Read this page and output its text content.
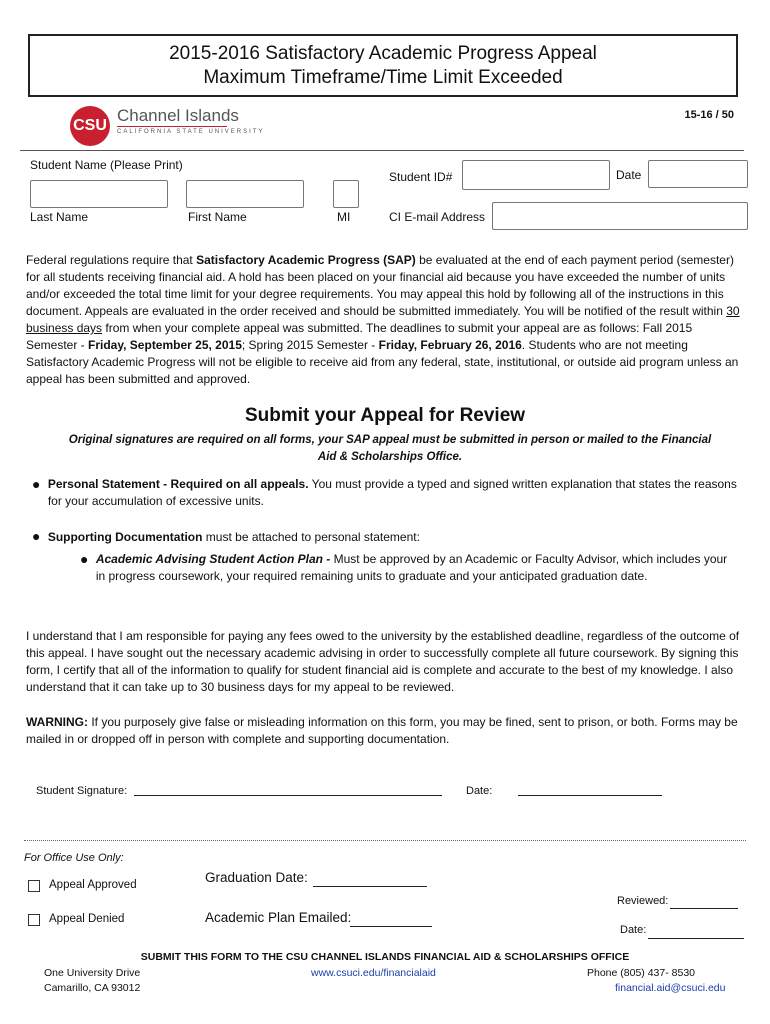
2015-2016 Satisfactory Academic Progress Appeal
Maximum Timeframe/Time Limit Exceeded
CSU
Channel Islands
CALIFORNIA STATE UNIVERSITY
15-16 / 50
Student Name (Please Print)
Last Name	First Name	MI
Student ID#	Date
CI E-mail Address
Federal regulations require that Satisfactory Academic Progress (SAP) be evaluated at the end of each payment period (semester) for all students receiving financial aid. A hold has been placed on your financial aid because you have exceeded the number of units and/or exceeded the total time limit for your degree requirements. You may appeal this hold by following all of the instructions in this document. Appeals are evaluated in the order received and should be submitted immediately. You will be notified of the result within 30 business days from when your complete appeal was submitted. The deadlines to submit your appeal are as follows: Fall 2015 Semester - Friday, September 25, 2015; Spring 2015 Semester - Friday, February 26, 2016. Students who are not meeting Satisfactory Academic Progress will not be eligible to receive aid from any federal, state, institutional, or outside aid program unless an appeal has been submitted and approved.
Submit your Appeal for Review
Original signatures are required on all forms, your SAP appeal must be submitted in person or mailed to the Financial Aid & Scholarships Office.
● Personal Statement - Required on all appeals. You must provide a typed and signed written explanation that states the reasons for your accumulation of excessive units.
● Supporting Documentation must be attached to personal statement:
● Academic Advising Student Action Plan - Must be approved by an Academic or Faculty Advisor, which includes your in progress coursework, your required remaining units to graduate and your anticipated graduation date.
I understand that I am responsible for paying any fees owed to the university by the established deadline, regardless of the outcome of this appeal. I have sought out the necessary academic advising in order to successfully complete all future coursework. By signing this form, I certify that all of the information to qualify for student financial aid is complete and accurate to the best of my knowledge. I also understand that it can take up to 30 business days for my appeal to be reviewed.
WARNING: If you purposely give false or misleading information on this form, you may be fined, sent to prison, or both. Forms may be mailed in or dropped off in person with complete and supporting documentation.
Student Signature:	Date:
For Office Use Only:
Appeal Approved
Appeal Denied
Graduation Date:
Academic Plan Emailed:
Reviewed:
Date:
SUBMIT THIS FORM TO THE CSU CHANNEL ISLANDS FINANCIAL AID & SCHOLARSHIPS OFFICE
One University Drive
Camarillo, CA 93012
www.csuci.edu/financialaid	Phone (805) 437- 8530
financial.aid@csuci.edu
